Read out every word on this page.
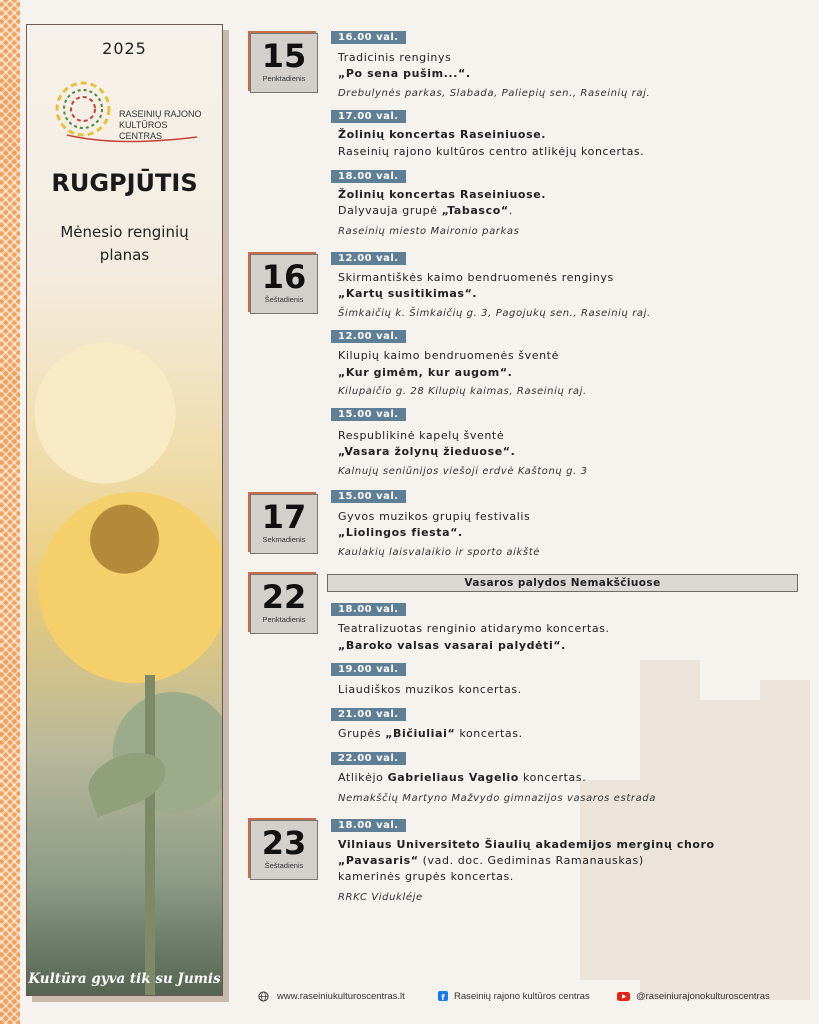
2025
RASEINIŲ RAJONO
KULTŪROS CENTRAS
RUGPJŪTIS
Mėnesio renginių
planas
Kultūra gyva tik su Jumis
15
Penktadienis
16
Šeštadienis
17
Sekmadienis
22
Penktadienis
23
Šeštadienis
16.00 val.
Tradicinis renginys
„Po sena pušim...“.
Drebulynės parkas, Slabada, Paliepių sen., Raseinių raj.
17.00 val.
Žolinių koncertas Raseiniuose.
Raseinių rajono kultūros centro atlikėjų koncertas.
18.00 val.
Žolinių koncertas Raseiniuose.
Dalyvauja grupė „Tabasco“.
Raseinių miesto Maironio parkas
12.00 val.
Skirmantiškės kaimo bendruomenės renginys
„Kartų susitikimas“.
Šimkaičių k. Šimkaičių g. 3, Pagojukų sen., Raseinių raj.
12.00 val.
Kilupių kaimo bendruomenės šventė
„Kur gimėm, kur augom“.
Kilupaičio g. 28 Kilupių kaimas, Raseinių raj.
15.00 val.
Respublikinė kapelų šventė
„Vasara žolynų žieduose“.
Kalnujų seniūnijos viešoji erdvė Kaštonų g. 3
15.00 val.
Gyvos muzikos grupių festivalis
„Liolingos fiesta“.
Kaulakių laisvalaikio ir sporto aikštė
Vasaros palydos Nemakščiuose
18.00 val.
Teatralizuotas renginio atidarymo koncertas.
„Baroko valsas vasarai palydėti“.
19.00 val.
Liaudiškos muzikos koncertas.
21.00 val.
Grupės „Bičiuliai“ koncertas.
22.00 val.
Atlikėjo Gabrieliaus Vagelio koncertas.
Nemakščių Martyno Mažvydo gimnazijos vasaros estrada
18.00 val.
Vilniaus Universiteto Šiaulių akademijos merginų choro
„Pavasaris“ (vad. doc. Gediminas Ramanauskas)
kamerinės grupės koncertas.
RRKC Vidukléje
www.raseiniukulturoscentras.lt	f Raseinių rajono kultūros centras	@raseiniurajonokulturoscentras
